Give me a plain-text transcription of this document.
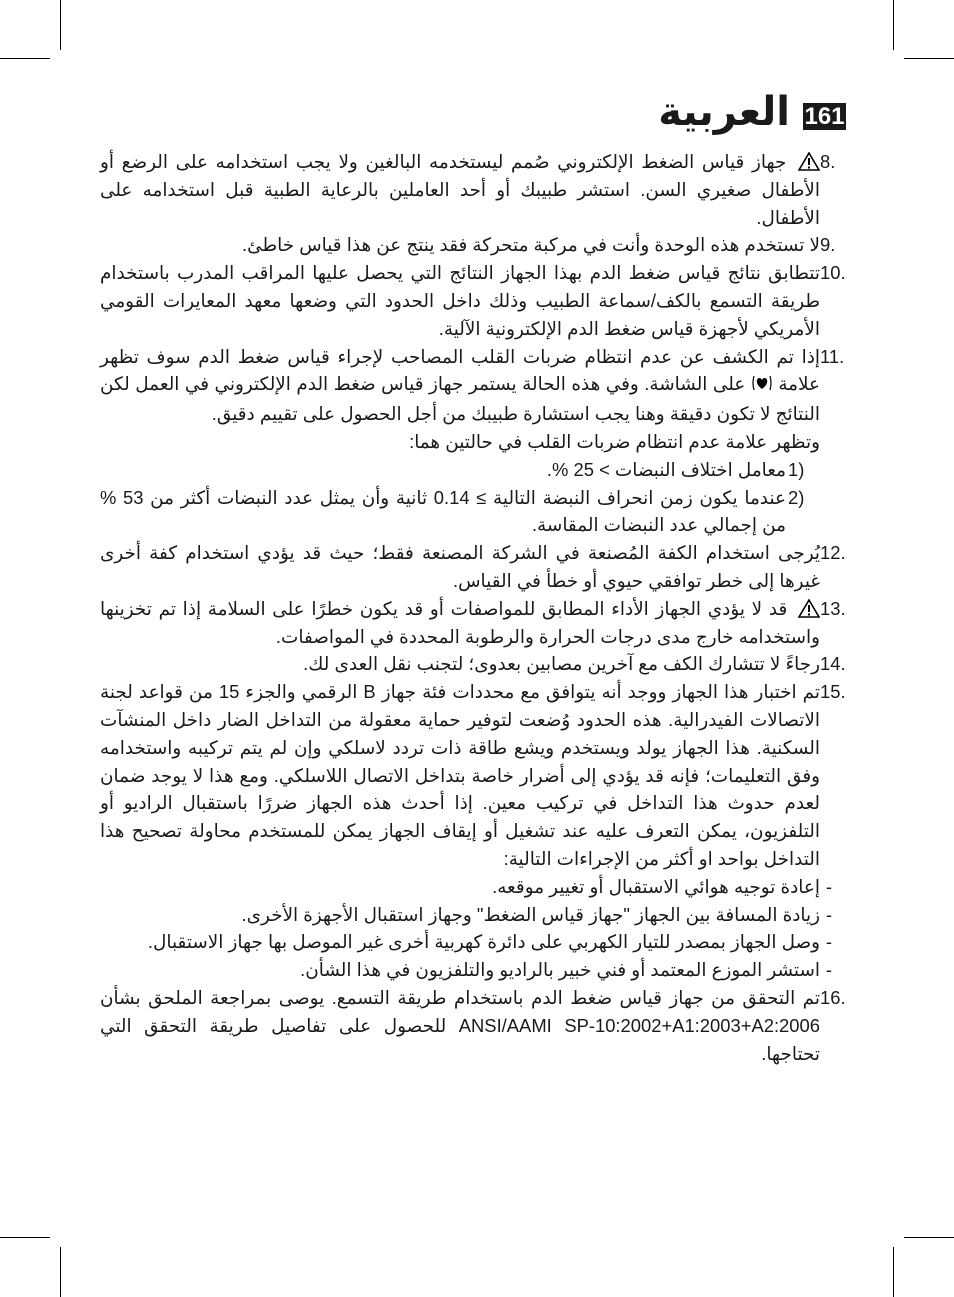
161
العربية
8.
جهاز قياس الضغط الإلكتروني صُمم ليستخدمه البالغين ولا يجب استخدامه على الرضع أو الأطفال صغيري السن. استشر طبيبك أو أحد العاملين بالرعاية الطبية قبل استخدامه على الأطفال.
9.
لا تستخدم هذه الوحدة وأنت في مركبة متحركة فقد ينتج عن هذا قياس خاطئ.
10.
تتطابق نتائج قياس ضغط الدم بهذا الجهاز النتائج التي يحصل عليها المراقب المدرب باستخدام طريقة التسمع بالكف/سماعة الطبيب وذلك داخل الحدود التي وضعها معهد المعايرات القومي الأمريكي لأجهزة قياس ضغط الدم الإلكترونية الآلية.
11.
إذا تم الكشف عن عدم انتظام ضربات القلب المصاحب لإجراء قياس ضغط الدم سوف تظهر علامة  على الشاشة. وفي هذه الحالة يستمر جهاز قياس ضغط الدم الإلكتروني في العمل لكن النتائج لا تكون دقيقة وهنا يجب استشارة طبيبك من أجل الحصول على تقييم دقيق.
وتظهر علامة عدم انتظام ضربات القلب في حالتين هما:
1)
معامل اختلاف النبضات > 25 %.
2)
عندما يكون زمن انحراف النبضة التالية ≥ 0.14 ثانية وأن يمثل عدد النبضات أكثر من 53 % من إجمالي عدد النبضات المقاسة.
12.
يُرجى استخدام الكفة المُصنعة في الشركة المصنعة فقط؛ حيث قد يؤدي استخدام كفة أخرى غيرها إلى خطر توافقي حيوي أو خطأ في القياس.
13.
قد لا يؤدي الجهاز الأداء المطابق للمواصفات أو قد يكون خطرًا على السلامة إذا تم تخزينها واستخدامه خارج مدى درجات الحرارة والرطوبة المحددة في المواصفات.
14.
رجاءً لا تتشارك الكف مع آخرين مصابين بعدوى؛ لتجنب نقل العدى لك.
15.
تم اختبار هذا الجهاز ووجد أنه يتوافق مع محددات فئة جهاز B الرقمي والجزء 15 من قواعد لجنة الاتصالات الفيدرالية. هذه الحدود وُضعت لتوفير حماية معقولة من التداخل الضار داخل المنشآت السكنية. هذا الجهاز يولد ويستخدم ويشع طاقة ذات تردد لاسلكي وإن لم يتم تركيبه واستخدامه وفق التعليمات؛ فإنه قد يؤدي إلى أضرار خاصة بتداخل الاتصال اللاسلكي. ومع هذا لا يوجد ضمان لعدم حدوث هذا التداخل في تركيب معين. إذا أحدث هذه الجهاز ضررًا باستقبال الراديو أو التلفزيون، يمكن التعرف عليه عند تشغيل أو إيقاف الجهاز يمكن للمستخدم محاولة تصحيح هذا التداخل بواحد او أكثر من الإجراءات التالية:
-
إعادة توجيه هوائي الاستقبال أو تغيير موقعه.
-
زيادة المسافة بين الجهاز "جهاز قياس الضغط" وجهاز استقبال الأجهزة الأخرى.
-
وصل الجهاز بمصدر للتيار الكهربي على دائرة كهربية أخرى غير الموصل بها جهاز الاستقبال.
-
استشر الموزع المعتمد أو فني خبير بالراديو والتلفزيون في هذا الشأن.
16.
تم التحقق من جهاز قياس ضغط الدم باستخدام طريقة التسمع. يوصى بمراجعة الملحق بشأن ANSI/AAMI SP-10:2002+A1:2003+A2:2006 للحصول على تفاصيل طريقة التحقق التي تحتاجها.
